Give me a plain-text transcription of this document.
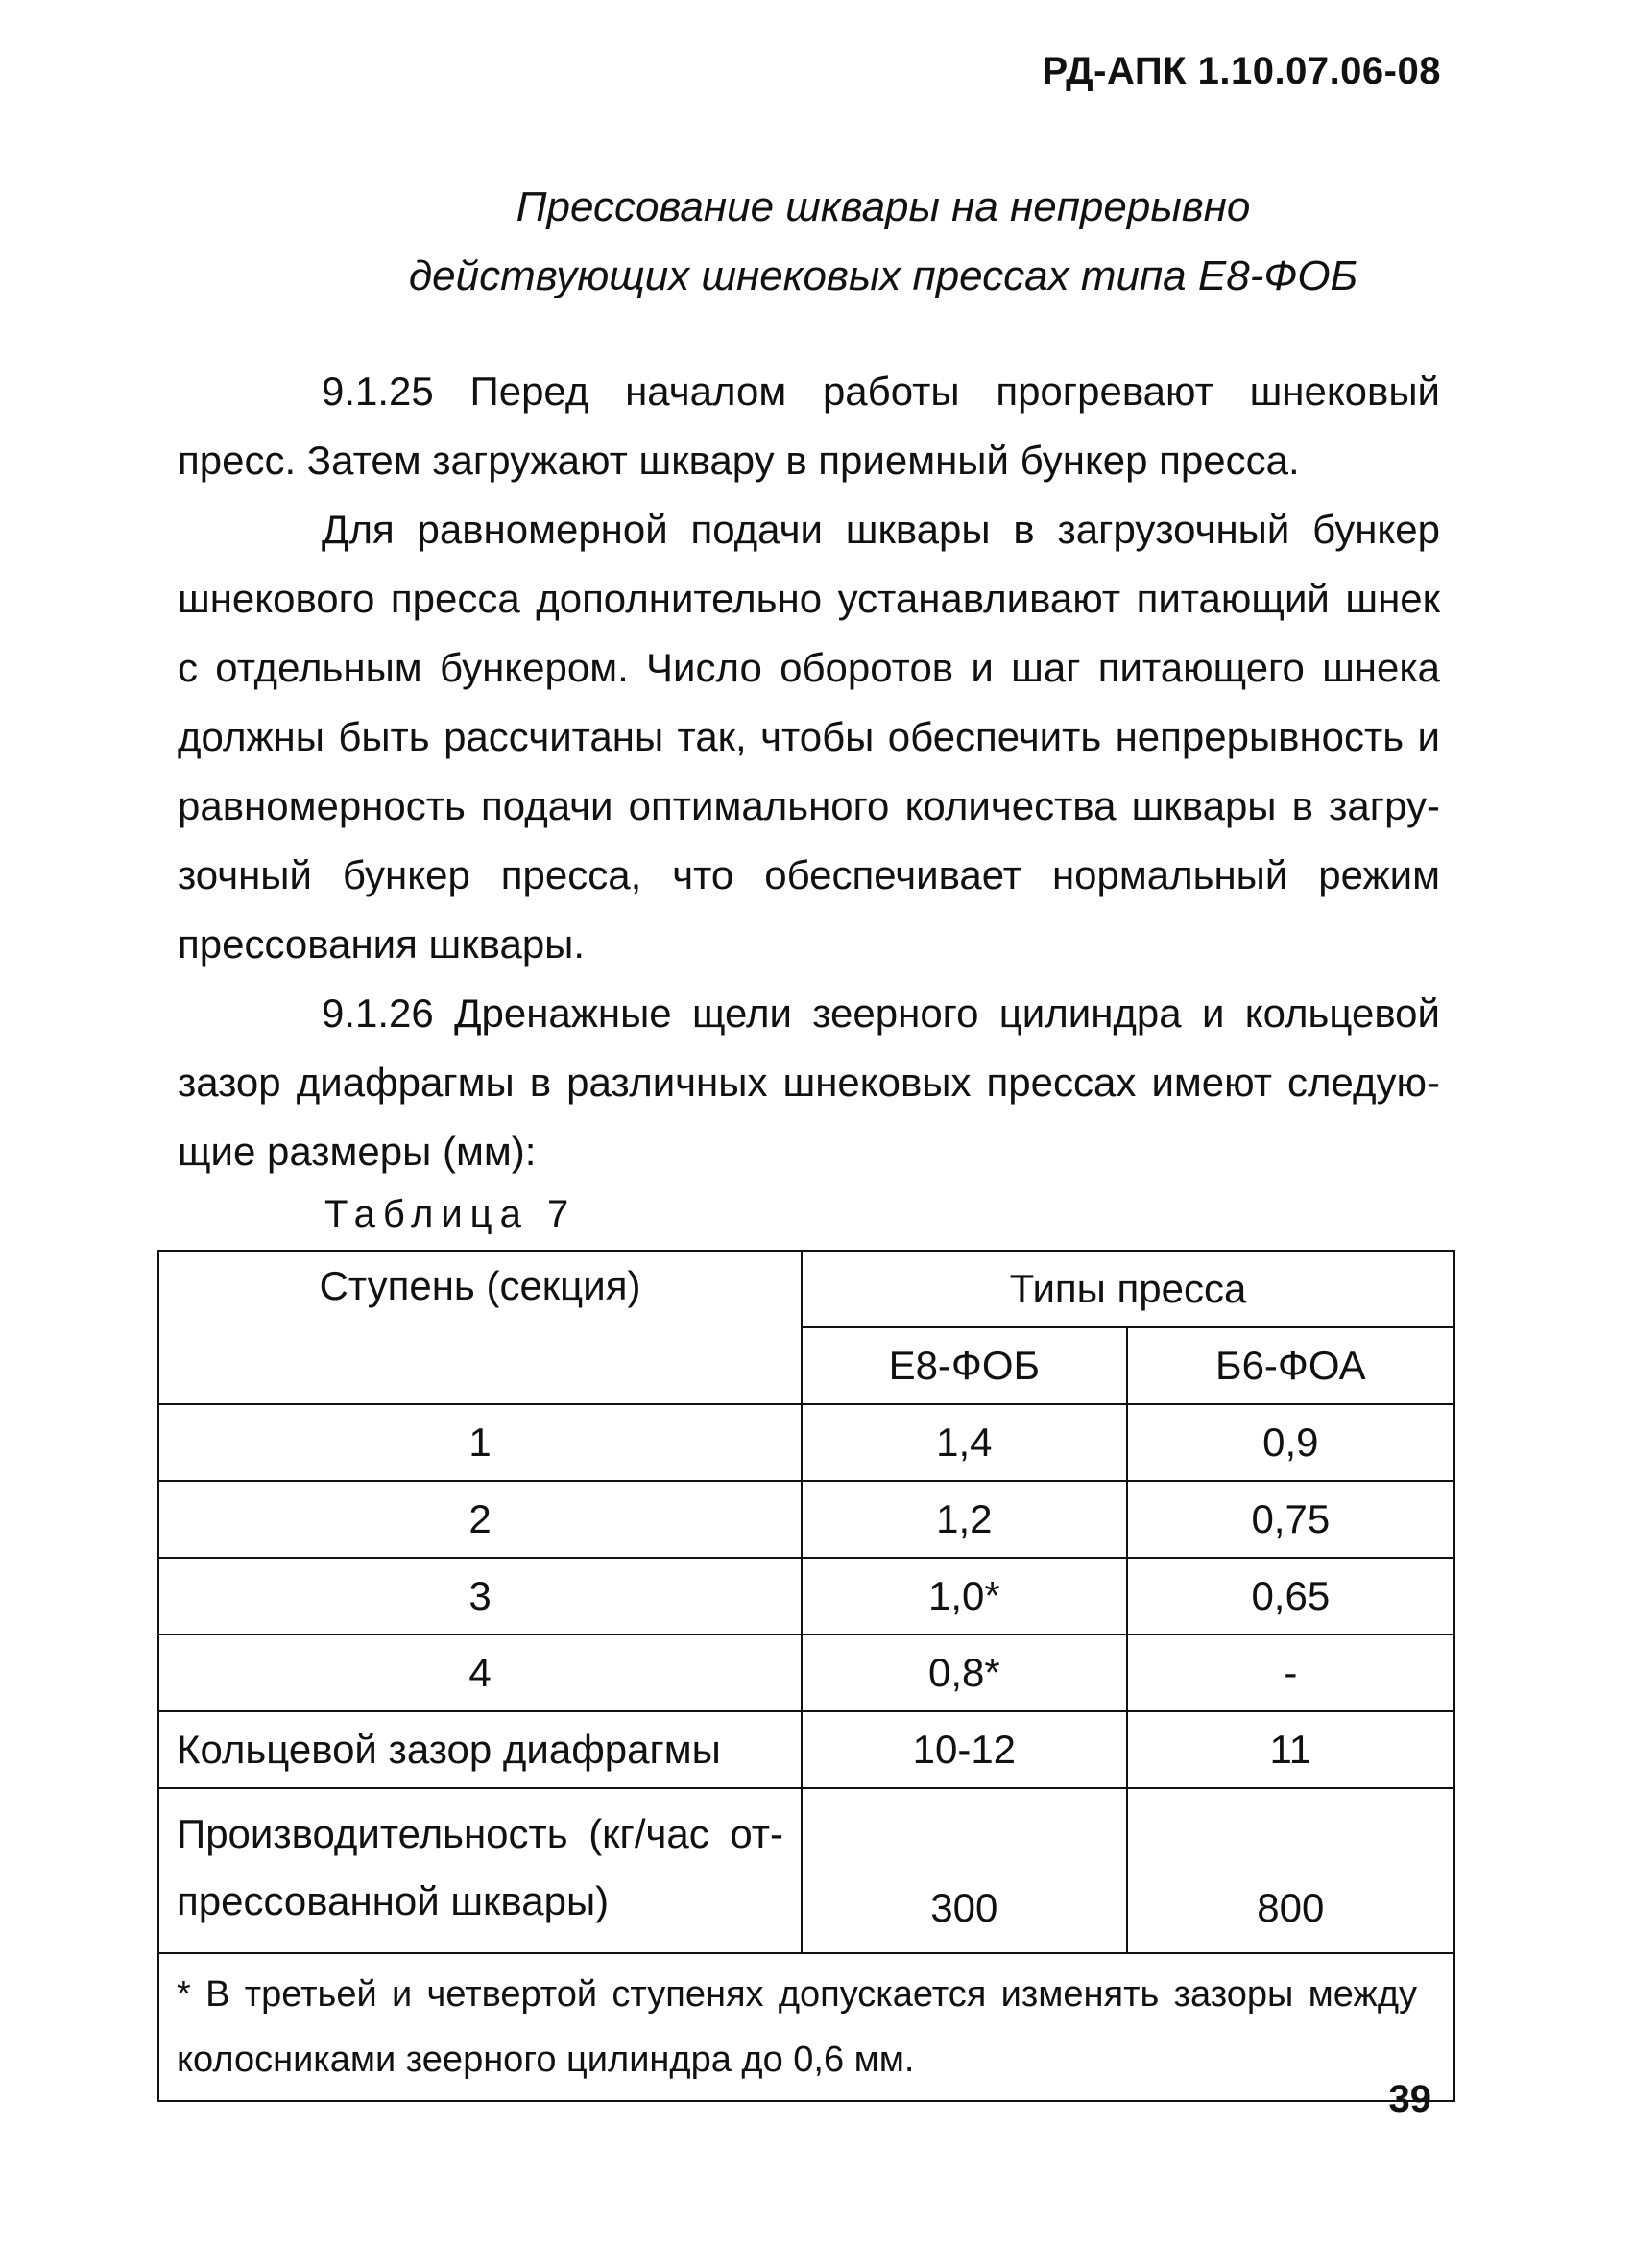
РД-АПК 1.10.07.06-08
Прессование шквары на непрерывно
действующих шнековых прессах типа Е8-ФОБ

9.1.25 Перед началом работы прогревают шнековый пресс. Затем загружают шквару в приемный бункер пресса.

Для равномерной подачи шквары в загрузочный бункер шнекового пресса дополнительно устанавливают питающий шнек с отдельным бункером. Число оборотов и шаг питающего шнека должны быть рассчитаны так, чтобы обеспечить непрерывность и равномерность подачи оптимального количества шквары в загрузочный бункер пресса, что обеспечивает нормальный режим прессования шквары.

9.1.26 Дренажные щели зеерного цилиндра и кольцевой зазор диафрагмы в различных шнековых прессах имеют следующие размеры (мм):

Таблица 7
Ступень (секция)	Типы пресса	
	Е8-ФОБ	Б6-ФОА
1	1,4	0,9
2	1,2	0,75
3	1,0*	0,65
4	0,8*	-
Кольцевой зазор диафрагмы	10-12	11
Производительность (кг/час отпрессованной шквары)	300	800
* В третьей и четвертой ступенях допускается изменять зазоры между колосниками зеерного цилиндра до 0,6 мм.		
39
